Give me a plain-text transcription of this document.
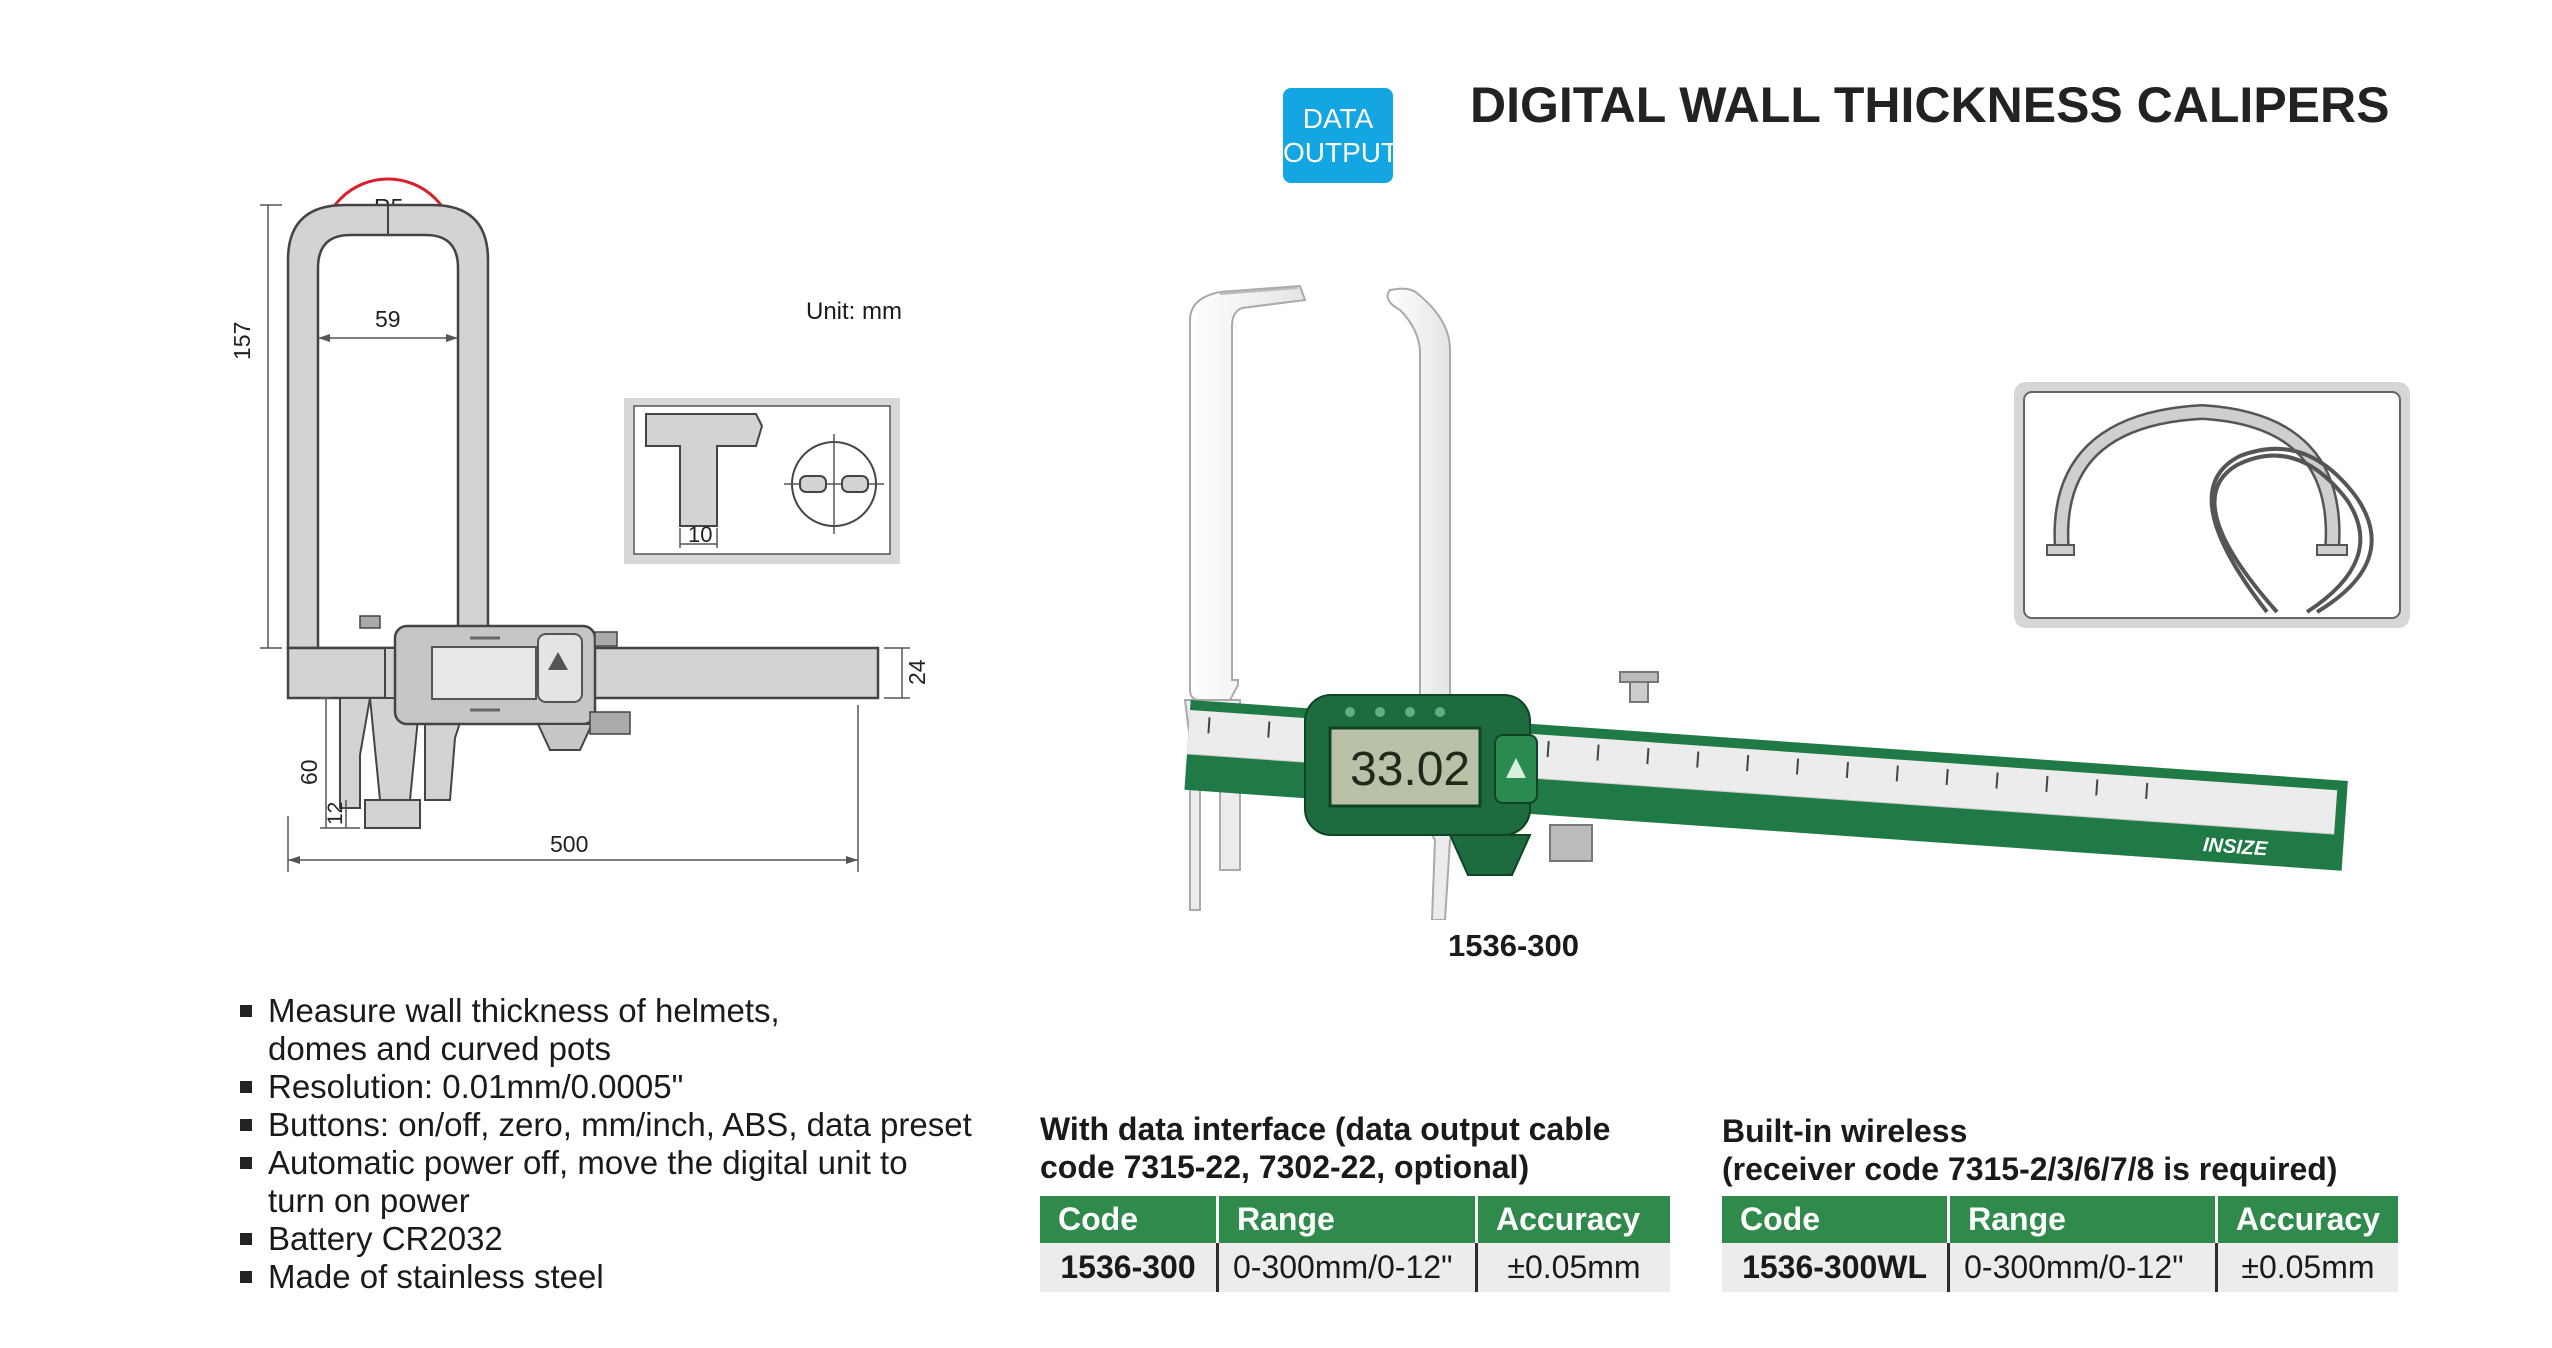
DATA
OUTPUT
DIGITAL WALL THICKNESS CALIPERS
157
59
24
60
12
500
Unit: mm
10
INSIZE
33.02
1536-300
Measure wall thickness of helmets,
domes and curved pots
Resolution: 0.01mm/0.0005"
Buttons: on/off, zero, mm/inch, ABS, data preset
Automatic power off, move the digital unit to
turn on power
Battery CR2032
Made of stainless steel
With data interface (data output cable
code 7315-22, 7302-22, optional)
Code	Range	Accuracy
1536-300	0-300mm/0-12"	±0.05mm
Built-in wireless
(receiver code 7315-2/3/6/7/8 is required)
Code	Range	Accuracy
1536-300WL	0-300mm/0-12"	±0.05mm
